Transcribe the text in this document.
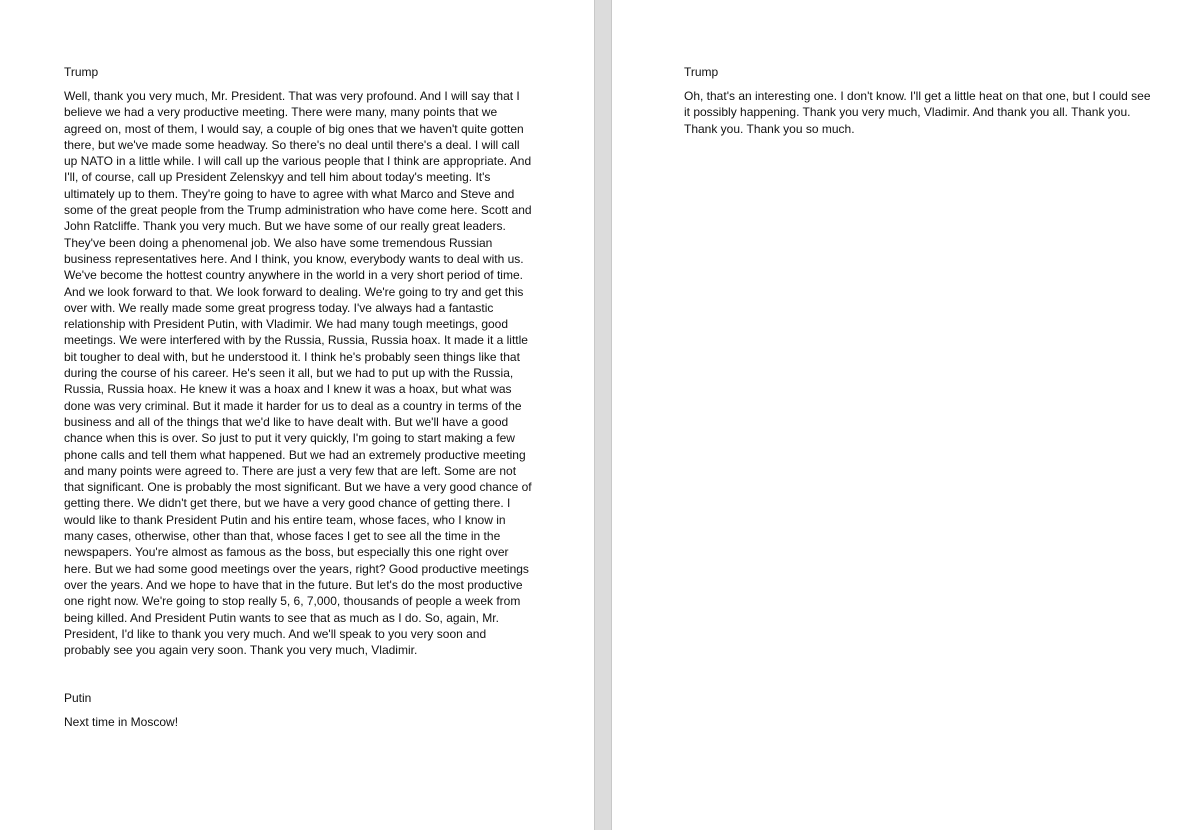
Trump

Well, thank you very much, Mr. President. That was very profound. And I will say that I
believe we had a very productive meeting. There were many, many points that we
agreed on, most of them, I would say, a couple of big ones that we haven't quite gotten
there, but we've made some headway. So there's no deal until there's a deal. I will call
up NATO in a little while. I will call up the various people that I think are appropriate. And
I'll, of course, call up President Zelenskyy and tell him about today's meeting. It's
ultimately up to them. They're going to have to agree with what Marco and Steve and
some of the great people from the Trump administration who have come here. Scott and
John Ratcliffe. Thank you very much. But we have some of our really great leaders.
They've been doing a phenomenal job. We also have some tremendous Russian
business representatives here. And I think, you know, everybody wants to deal with us.
We've become the hottest country anywhere in the world in a very short period of time.
And we look forward to that. We look forward to dealing. We're going to try and get this
over with. We really made some great progress today. I've always had a fantastic
relationship with President Putin, with Vladimir. We had many tough meetings, good
meetings. We were interfered with by the Russia, Russia, Russia hoax. It made it a little
bit tougher to deal with, but he understood it. I think he's probably seen things like that
during the course of his career. He's seen it all, but we had to put up with the Russia,
Russia, Russia hoax. He knew it was a hoax and I knew it was a hoax, but what was
done was very criminal. But it made it harder for us to deal as a country in terms of the
business and all of the things that we'd like to have dealt with. But we'll have a good
chance when this is over. So just to put it very quickly, I'm going to start making a few
phone calls and tell them what happened. But we had an extremely productive meeting
and many points were agreed to. There are just a very few that are left. Some are not
that significant. One is probably the most significant. But we have a very good chance of
getting there. We didn't get there, but we have a very good chance of getting there. I
would like to thank President Putin and his entire team, whose faces, who I know in
many cases, otherwise, other than that, whose faces I get to see all the time in the
newspapers. You're almost as famous as the boss, but especially this one right over
here. But we had some good meetings over the years, right? Good productive meetings
over the years. And we hope to have that in the future. But let's do the most productive
one right now. We're going to stop really 5, 6, 7,000, thousands of people a week from
being killed. And President Putin wants to see that as much as I do. So, again, Mr.
President, I'd like to thank you very much. And we'll speak to you very soon and
probably see you again very soon. Thank you very much, Vladimir.

Putin

Next time in Moscow!

Trump

Oh, that's an interesting one. I don't know. I'll get a little heat on that one, but I could see
it possibly happening. Thank you very much, Vladimir. And thank you all. Thank you.
Thank you. Thank you so much.
